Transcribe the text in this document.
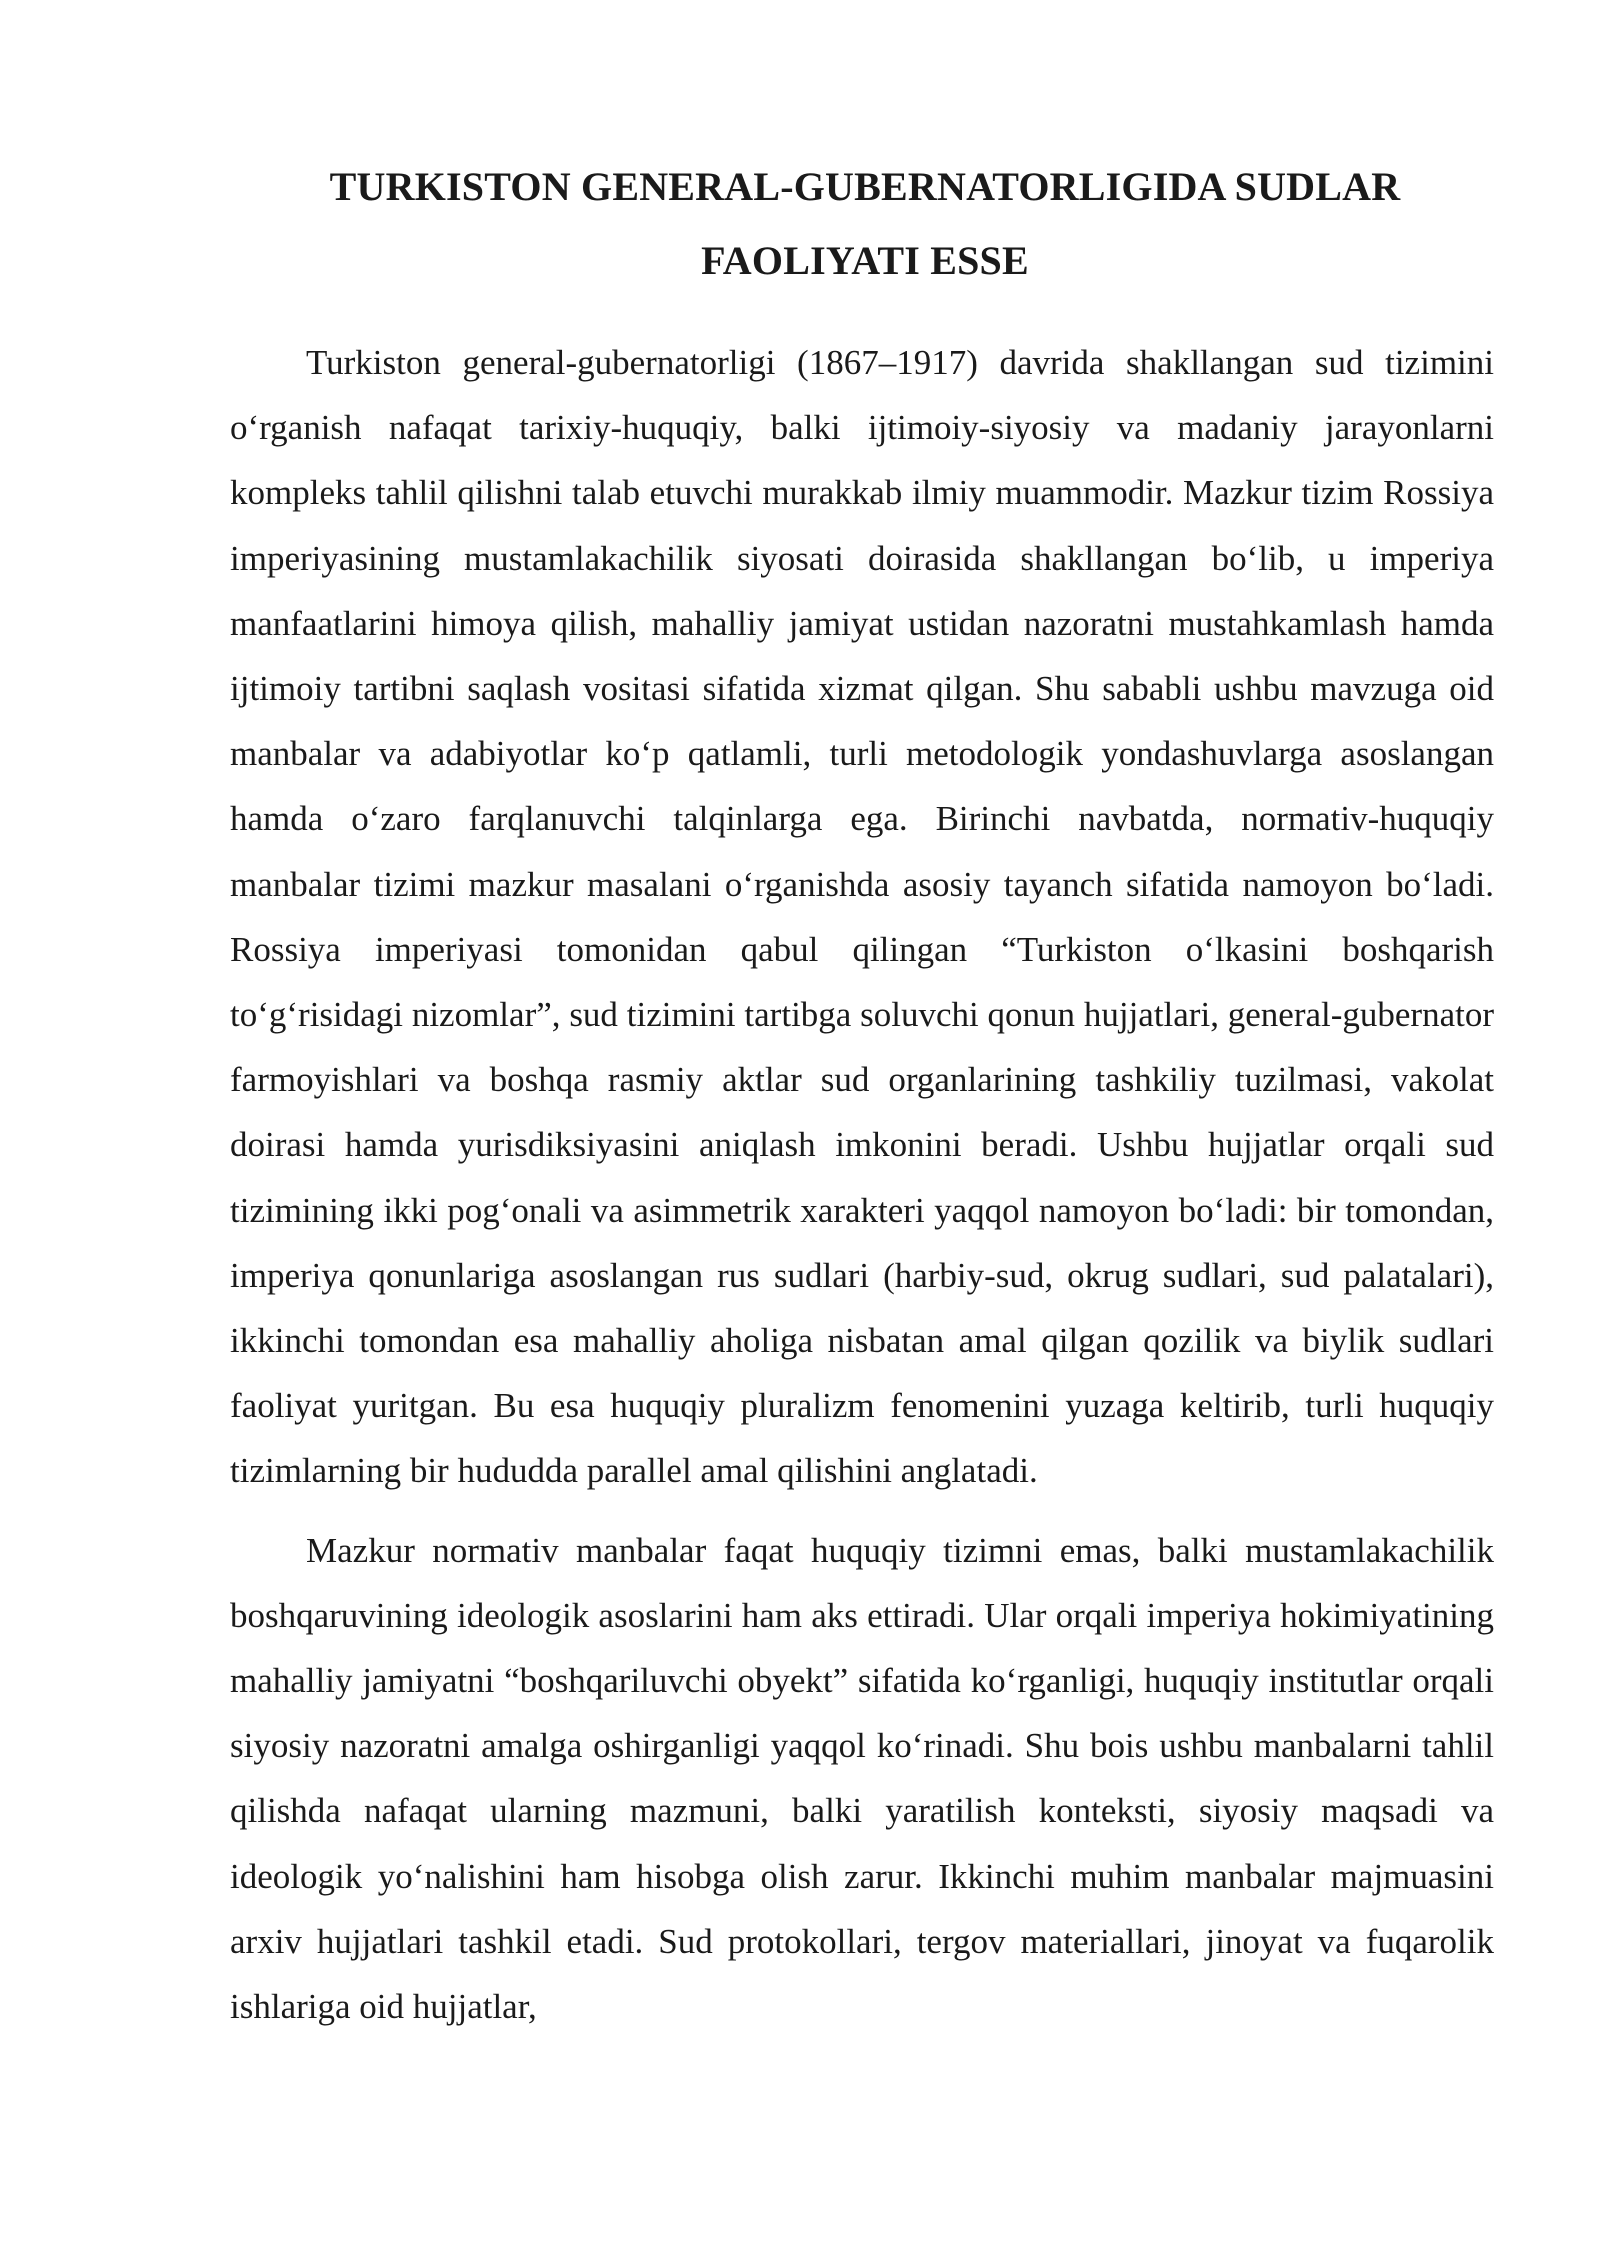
TURKISTON GENERAL-GUBERNATORLIGIDA SUDLAR FAOLIYATI ESSE

Turkiston general-gubernatorligi (1867–1917) davrida shakllangan sud tizimini o‘rganish nafaqat tarixiy-huquqiy, balki ijtimoiy-siyosiy va madaniy jarayonlarni kompleks tahlil qilishni talab etuvchi murakkab ilmiy muammodir. Mazkur tizim Rossiya imperiyasining mustamlakachilik siyosati doirasida shakllangan bo‘lib, u imperiya manfaatlarini himoya qilish, mahalliy jamiyat ustidan nazoratni mustahkamlash hamda ijtimoiy tartibni saqlash vositasi sifatida xizmat qilgan. Shu sababli ushbu mavzuga oid manbalar va adabiyotlar ko‘p qatlamli, turli metodologik yondashuvlarga asoslangan hamda o‘zaro farqlanuvchi talqinlarga ega. Birinchi navbatda, normativ-huquqiy manbalar tizimi mazkur masalani o‘rganishda asosiy tayanch sifatida namoyon bo‘ladi. Rossiya imperiyasi tomonidan qabul qilingan “Turkiston o‘lkasini boshqarish to‘g‘risidagi nizomlar”, sud tizimini tartibga soluvchi qonun hujjatlari, general-gubernator farmoyishlari va boshqa rasmiy aktlar sud organlarining tashkiliy tuzilmasi, vakolat doirasi hamda yurisdiksiyasini aniqlash imkonini beradi. Ushbu hujjatlar orqali sud tizimining ikki pog‘onali va asimmetrik xarakteri yaqqol namoyon bo‘ladi: bir tomondan, imperiya qonunlariga asoslangan rus sudlari (harbiy-sud, okrug sudlari, sud palatalari), ikkinchi tomondan esa mahalliy aholiga nisbatan amal qilgan qozilik va biylik sudlari faoliyat yuritgan. Bu esa huquqiy pluralizm fenomenini yuzaga keltirib, turli huquqiy tizimlarning bir hududda parallel amal qilishini anglatadi.

Mazkur normativ manbalar faqat huquqiy tizimni emas, balki mustamlakachilik boshqaruvining ideologik asoslarini ham aks ettiradi. Ular orqali imperiya hokimiyatining mahalliy jamiyatni “boshqariluvchi obyekt” sifatida ko‘rganligi, huquqiy institutlar orqali siyosiy nazoratni amalga oshirganligi yaqqol ko‘rinadi. Shu bois ushbu manbalarni tahlil qilishda nafaqat ularning mazmuni, balki yaratilish konteksti, siyosiy maqsadi va ideologik yo‘nalishini ham hisobga olish zarur. Ikkinchi muhim manbalar majmuasini arxiv hujjatlari tashkil etadi. Sud protokollari, tergov materiallari, jinoyat va fuqarolik ishlariga oid hujjatlar,
